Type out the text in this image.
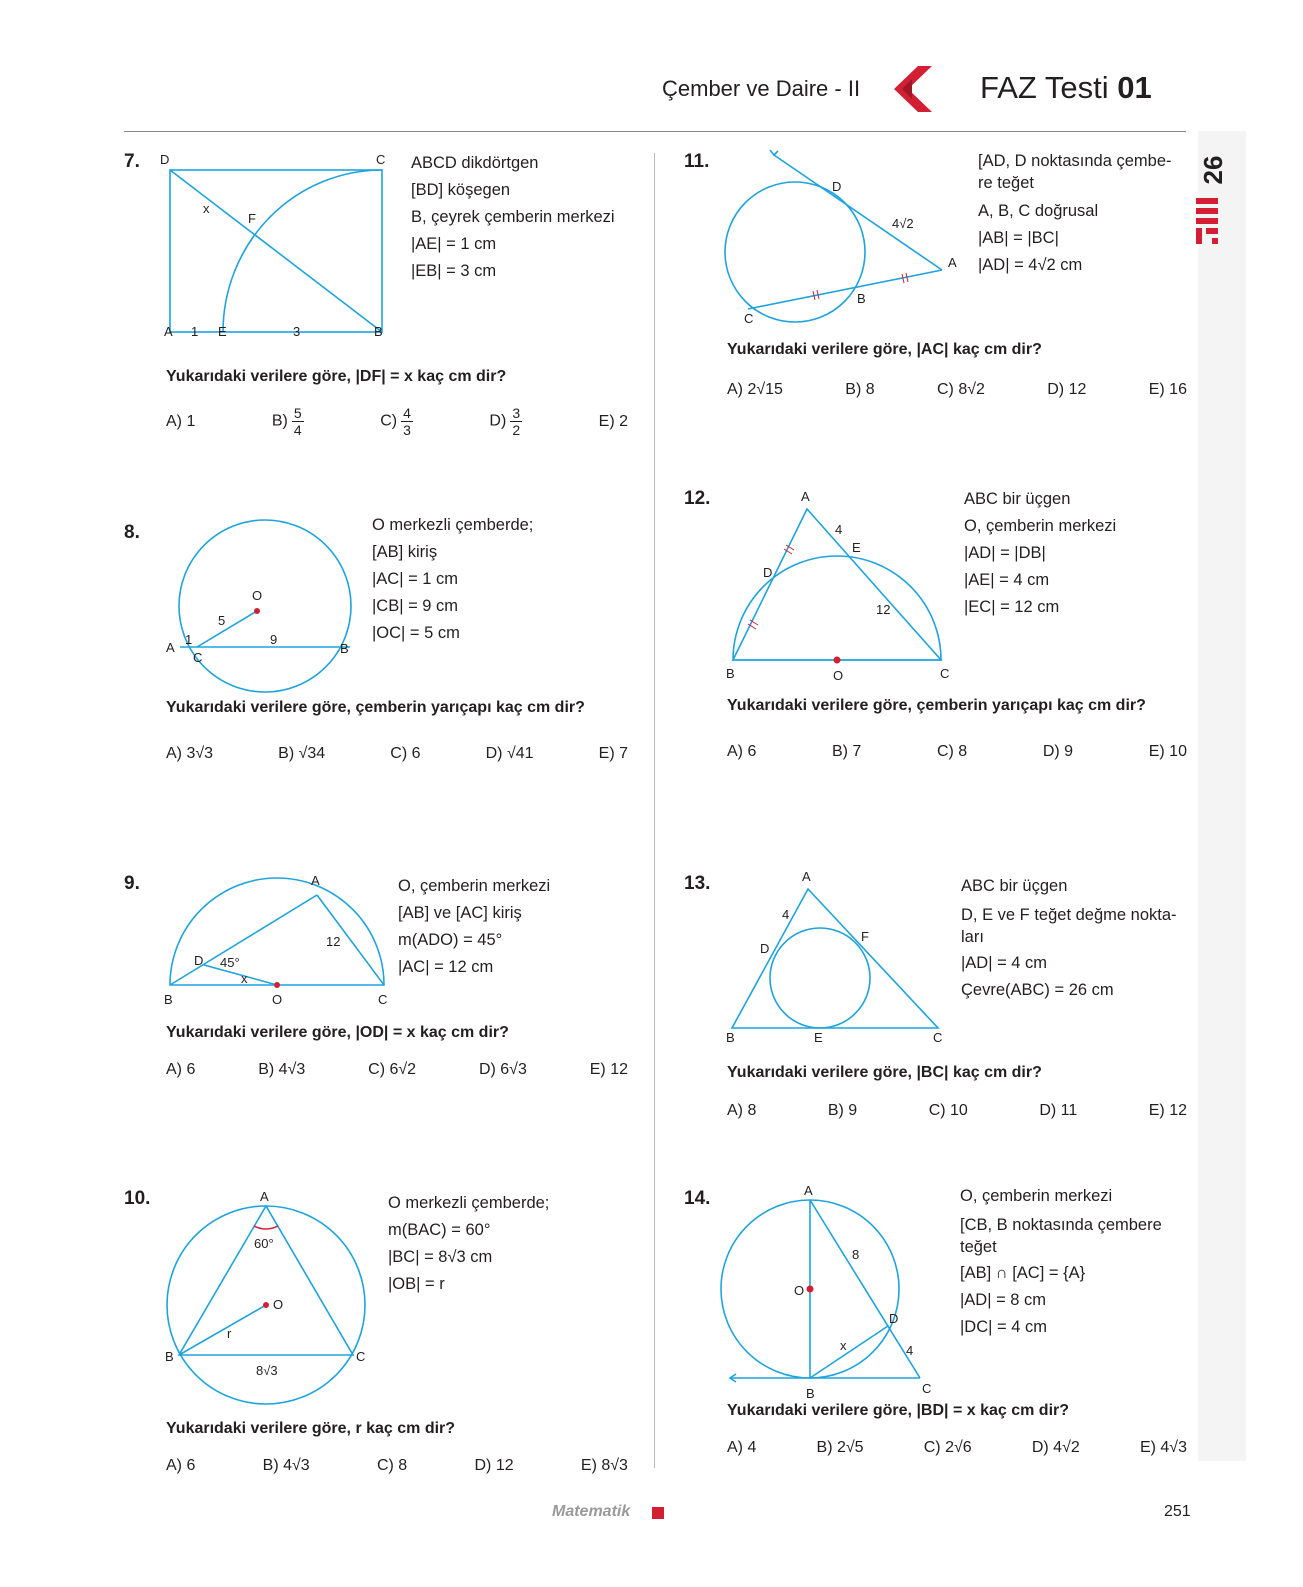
Çember ve Daire - II	FAZ Testi 01
26
7. D	C
x
F
A 1 E	3	B
ABCD dikdörtgen
[BD] köşegen
B, çeyrek çemberin merkezi
|AE| = 1 cm
|EB| = 3 cm
Yukarıdaki verilere göre, |DF| = x kaç cm dir?
A) 1	$B) \frac{5}{4}$	$C) \frac{4}{3}$	$D) \frac{3}{2}$	E) 2
8.
O
5
1	9
A
C
B
O merkezli çemberde;
[AB] kiriş
|AC| = 1 cm
|CB| = 9 cm
|OC| = 5 cm
Yukarıdaki verilere göre, çemberin yarıçapı kaç cm dir?
A) 3√3	B) √34	C) 6	D) √41	E) 7
9.	A
12
D 45°
x
B	O	C
O, çemberin merkezi
[AB] ve [AC] kiriş
m(ADO) = 45°
|AC| = 12 cm
Yukarıdaki verilere göre, |OD| = x kaç cm dir?
A) 6	B) 4√3	C) 6√2	D) 6√3	E) 12
10.	A
60°
O
r
B
8√3
C
O merkezli çemberde;
m(BAC) = 60°
|BC| = 8√3 cm
|OB| = r
Yukarıdaki verilere göre, r kaç cm dir?
A) 6	B) 4√3	C) 8	D) 12	E) 8√3
11.
D
4√2
A
B
C
[AD, D noktasında çembe-
re teğet
A, B, C doğrusal
|AB| = |BC|
|AD| = 4√2 cm
Yukarıdaki verilere göre, |AC| kaç cm dir?
A) 2√15	B) 8	C) 8√2	D) 12	E) 16
12.	A
4
E
D
12
B	O	C
ABC bir üçgen
O, çemberin merkezi
|AD| = |DB|
|AE| = 4 cm
|EC| = 12 cm
Yukarıdaki verilere göre, çemberin yarıçapı kaç cm dir?
A) 6	B) 7	C) 8	D) 9	E) 10
13.	A
4
D
F
B	E	C
ABC bir üçgen
D, E ve F teğet değme nokta-
ları
|AD| = 4 cm
Çevre(ABC) = 26 cm
Yukarıdaki verilere göre, |BC| kaç cm dir?
A) 8	B) 9	C) 10	D) 11	E) 12
14.	A
8
O
D
x	4
B	C
O, çemberin merkezi
[CB, B noktasında çembere
teğet
[AB] ∩ [AC] = {A}
|AD| = 8 cm
|DC| = 4 cm
Yukarıdaki verilere göre, |BD| = x kaç cm dir?
A) 4	B) 2√5	C) 2√6	D) 4√2	E) 4√3
Matematik	251
